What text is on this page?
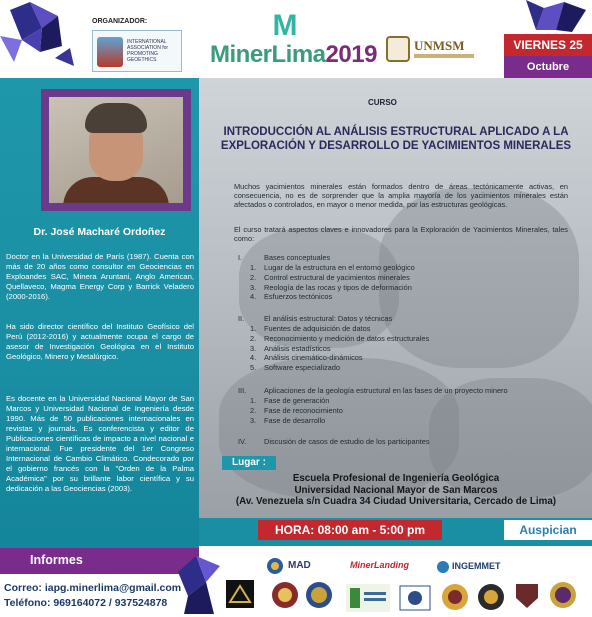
ORGANIZADOR:
INTERNATIONAL
ASSOCIATION for
PROMOTING
GEOETHICS
M
MinerLima2019	UNMSM	VIERNES 25
Octubre
Dr. José Macharé Ordoñez
Doctor en la Universidad de París (1987). Cuenta con más de 20 años como consultor en Geociencias en Exploandes SAC, Minera Aruntani, Anglo American, Quellaveco, Magma Energy Corp y Barrick Veladero (2000-2016).
Ha sido director científico del Instituto Geofísico del Perú (2012-2016) y actualmente ocupa el cargo de asesor de Investigación Geológica en el Instituto Geológico, Minero y Metalúrgico.
Es docente en la Universidad Nacional Mayor de San Marcos y Universidad Nacional de Ingeniería desde 1990. Más de 50 publicaciones internacionales en revistas y journals. Es conferencista y editor de Publicaciones científicas de impacto a nivel nacional e internacional. Fue presidente del 1er Congreso Internacional de Cambio Climático. Condecorado por el gobierno francés con la "Orden de la Palma Académica" por su brillante labor científica y su dedicación a las Geociencias (2003).
CURSO
INTRODUCCIÓN AL ANÁLISIS ESTRUCTURAL APLICADO A LA EXPLORACIÓN Y DESARROLLO DE YACIMIENTOS MINERALES
Muchos yacimientos minerales están formados dentro de áreas tectónicamente activas, en consecuencia, no es de sorprender que la amplia mayoría de los yacimientos minerales están afectados o controlados, en mayor o menor medida, por las estructuras geológicas.
El curso tratará aspectos claves e innovadores para la Exploración de Yacimientos Minerales, tales como:
I.	Bases conceptuales
1. Lugar de la estructura en el entorno geológico
2. Control estructural de yacimientos minerales
3. Reología de las rocas y tipos de deformación
4. Esfuerzos tectónicos
II.	El análisis estructural: Datos y técnicas
1. Fuentes de adquisición de datos
2. Reconocimiento y medición de datos estructurales
3. Análisis estadísticos
4. Análisis cinemático-dinámicos
5. Software especializado
III. Aplicaciones de la geología estructural en las fases de un proyecto minero
1. Fase de generación
2. Fase de reconocimiento
3. Fase de desarrollo
IV. Discusión de casos de estudio de los participantes
Lugar :
Escuela Profesional de Ingeniería Geológica
Universidad Nacional Mayor de San Marcos
(Av. Venezuela s/n Cuadra 34 Ciudad Universitaria, Cercado de Lima)
HORA: 08:00 am - 5:00 pm	Auspician
Informes
Correo: iapg.minerlima@gmail.com
Teléfono: 969164072 / 937524878
MAD	MinerLanding	INGEMMET
